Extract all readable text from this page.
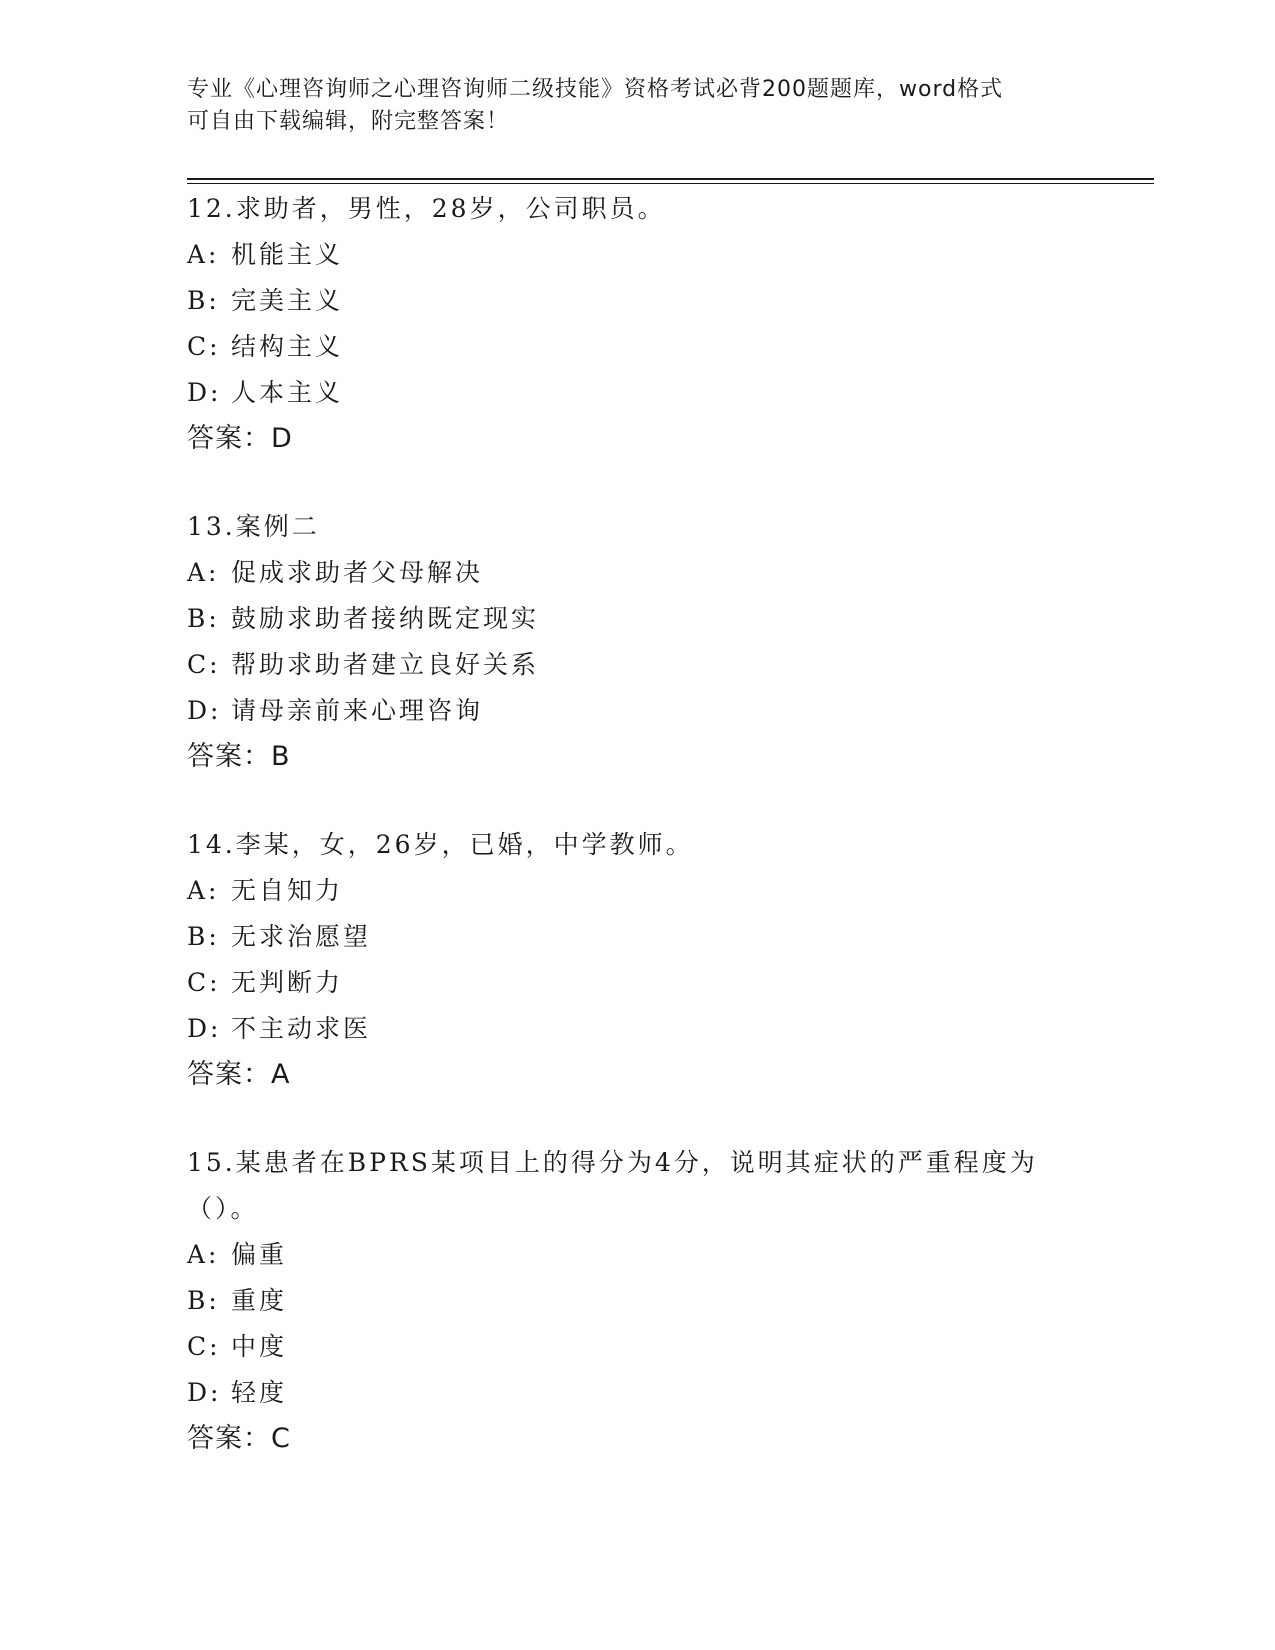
专业《心理咨询师之心理咨询师二级技能》资格考试必背200题题库，word格式
可自由下载编辑，附完整答案！
12.求助者，男性，28岁，公司职员。
A: 机能主义
B: 完美主义
C: 结构主义
D: 人本主义
答案：D
13.案例二
A: 促成求助者父母解决
B: 鼓励求助者接纳既定现实
C: 帮助求助者建立良好关系
D: 请母亲前来心理咨询
答案：B
14.李某，女，26岁，已婚，中学教师。
A: 无自知力
B: 无求治愿望
C: 无判断力
D: 不主动求医
答案：A
15.某患者在BPRS某项目上的得分为4分，说明其症状的严重程度为
（）。
A: 偏重
B: 重度
C: 中度
D: 轻度
答案：C
